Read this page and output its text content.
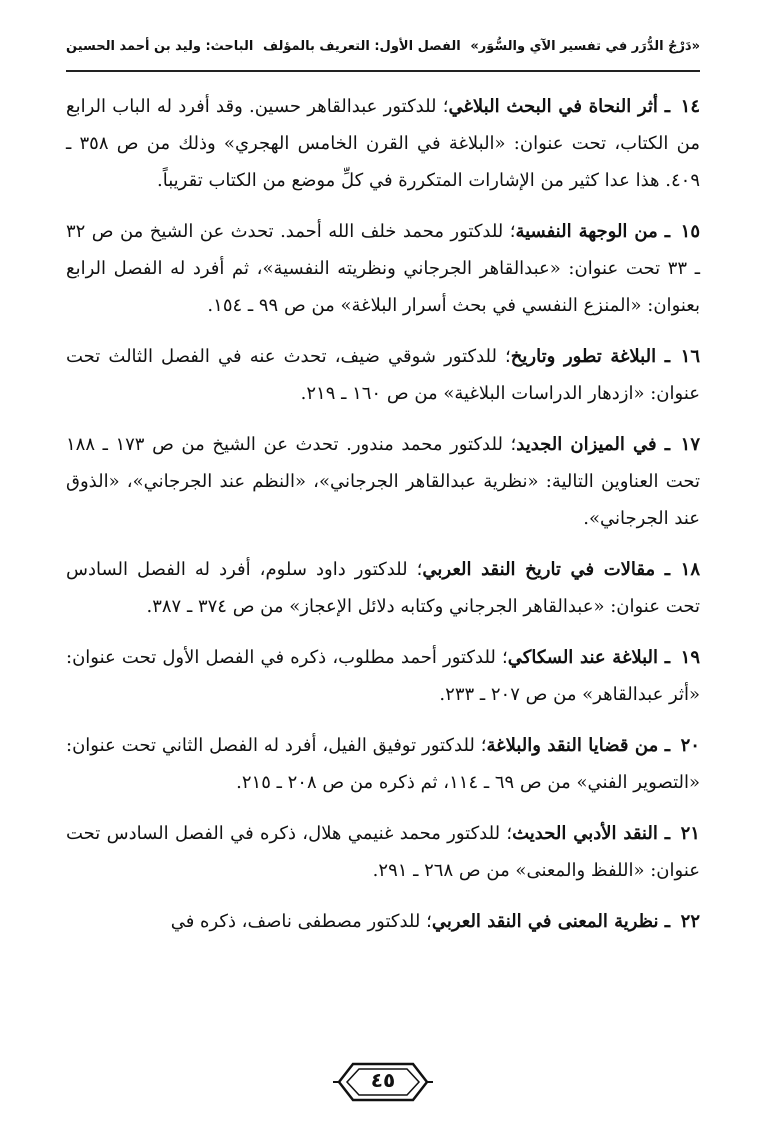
«دَرْجُ الدُّرَر في تفسير الآي والسُّوَر»
الفصل الأول: التعريف بالمؤلف
الباحث: وليد بن أحمد الحسين

١٤ـ أثر النحاة في البحث البلاغي؛ للدكتور عبدالقاهر حسين. وقد أفرد له الباب الرابع من الكتاب، تحت عنوان: «البلاغة في القرن الخامس الهجري» وذلك من ص ٣٥٨ ـ ٤٠٩. هذا عدا كثير من الإشارات المتكررة في كلِّ موضع من الكتاب تقريباً.

١٥ـ من الوجهة النفسية؛ للدكتور محمد خلف الله أحمد. تحدث عن الشيخ من ص ٣٢ ـ ٣٣ تحت عنوان: «عبدالقاهر الجرجاني ونظريته النفسية»، ثم أفرد له الفصل الرابع بعنوان: «المنزع النفسي في بحث أسرار البلاغة» من ص ٩٩ ـ ١٥٤.

١٦ـ البلاغة تطور وتاريخ؛ للدكتور شوقي ضيف، تحدث عنه في الفصل الثالث تحت عنوان: «ازدهار الدراسات البلاغية» من ص ١٦٠ ـ ٢١٩.

١٧ـ في الميزان الجديد؛ للدكتور محمد مندور. تحدث عن الشيخ من ص ١٧٣ ـ ١٨٨ تحت العناوين التالية: «نظرية عبدالقاهر الجرجاني»، «النظم عند الجرجاني»، «الذوق عند الجرجاني».

١٨ـ مقالات في تاريخ النقد العربي؛ للدكتور داود سلوم، أفرد له الفصل السادس تحت عنوان: «عبدالقاهر الجرجاني وكتابه دلائل الإعجاز» من ص ٣٧٤ ـ ٣٨٧.

١٩ـ البلاغة عند السكاكي؛ للدكتور أحمد مطلوب، ذكره في الفصل الأول تحت عنوان: «أثر عبدالقاهر» من ص ٢٠٧ ـ ٢٣٣.

٢٠ـ من قضايا النقد والبلاغة؛ للدكتور توفيق الفيل، أفرد له الفصل الثاني تحت عنوان: «التصوير الفني» من ص ٦٩ ـ ١١٤، ثم ذكره من ص ٢٠٨ ـ ٢١٥.

٢١ـ النقد الأدبي الحديث؛ للدكتور محمد غنيمي هلال، ذكره في الفصل السادس تحت عنوان: «اللفظ والمعنى» من ص ٢٦٨ ـ ٢٩١.

٢٢ـ نظرية المعنى في النقد العربي؛ للدكتور مصطفى ناصف، ذكره في

٤٥
